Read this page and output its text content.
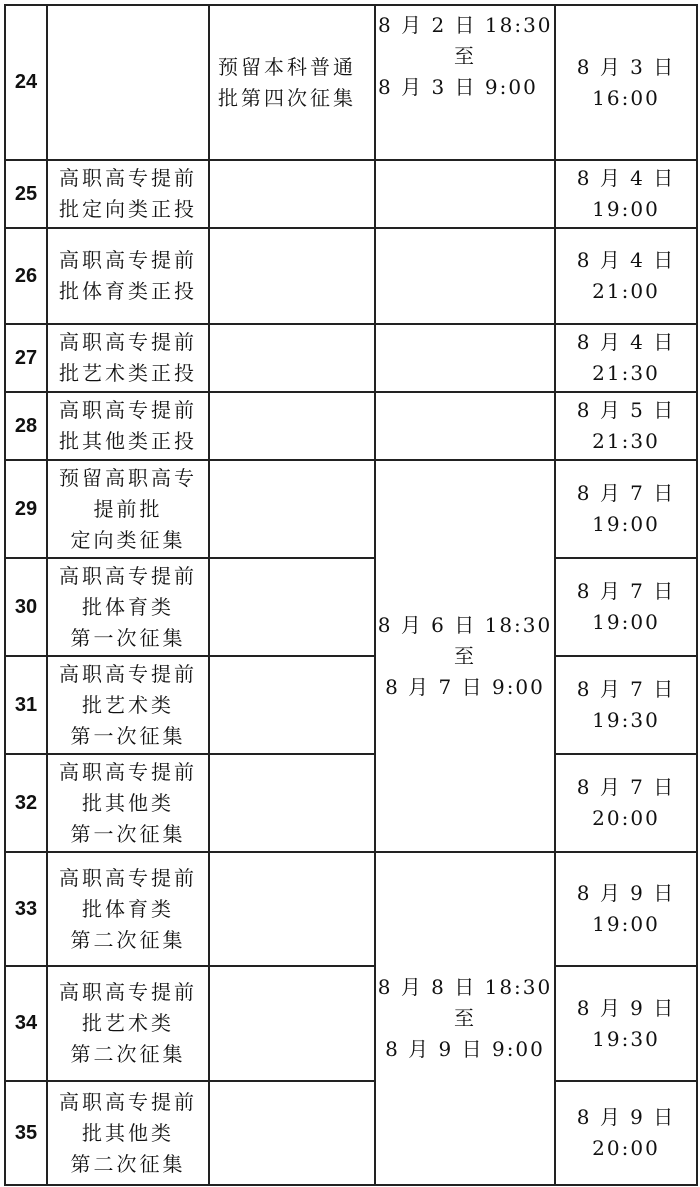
24		预留本科普通
批第四次征集	8 月 2 日 18:30
至
8 月 3 日 9:00	8 月 3 日
16:00

25	高职高专提前
批定向类正投			8 月 4 日
19:00

26	高职高专提前
批体育类正投			8 月 4 日
21:00

27	高职高专提前
批艺术类正投			8 月 4 日
21:30

28	高职高专提前
批其他类正投			8 月 5 日
21:30

29	预留高职高专
提前批
定向类征集		8 月 6 日 18:30
至
8 月 7 日 9:00	8 月 7 日
19:00

30	高职高专提前
批体育类
第一次征集			8 月 7 日
19:00

31	高职高专提前
批艺术类
第一次征集			8 月 7 日
19:30

32	高职高专提前
批其他类
第一次征集			8 月 7 日
20:00

33	高职高专提前
批体育类
第二次征集		8 月 8 日 18:30
至
8 月 9 日 9:00	8 月 9 日
19:00

34	高职高专提前
批艺术类
第二次征集			8 月 9 日
19:30

35	高职高专提前
批其他类
第二次征集			8 月 9 日
20:00
